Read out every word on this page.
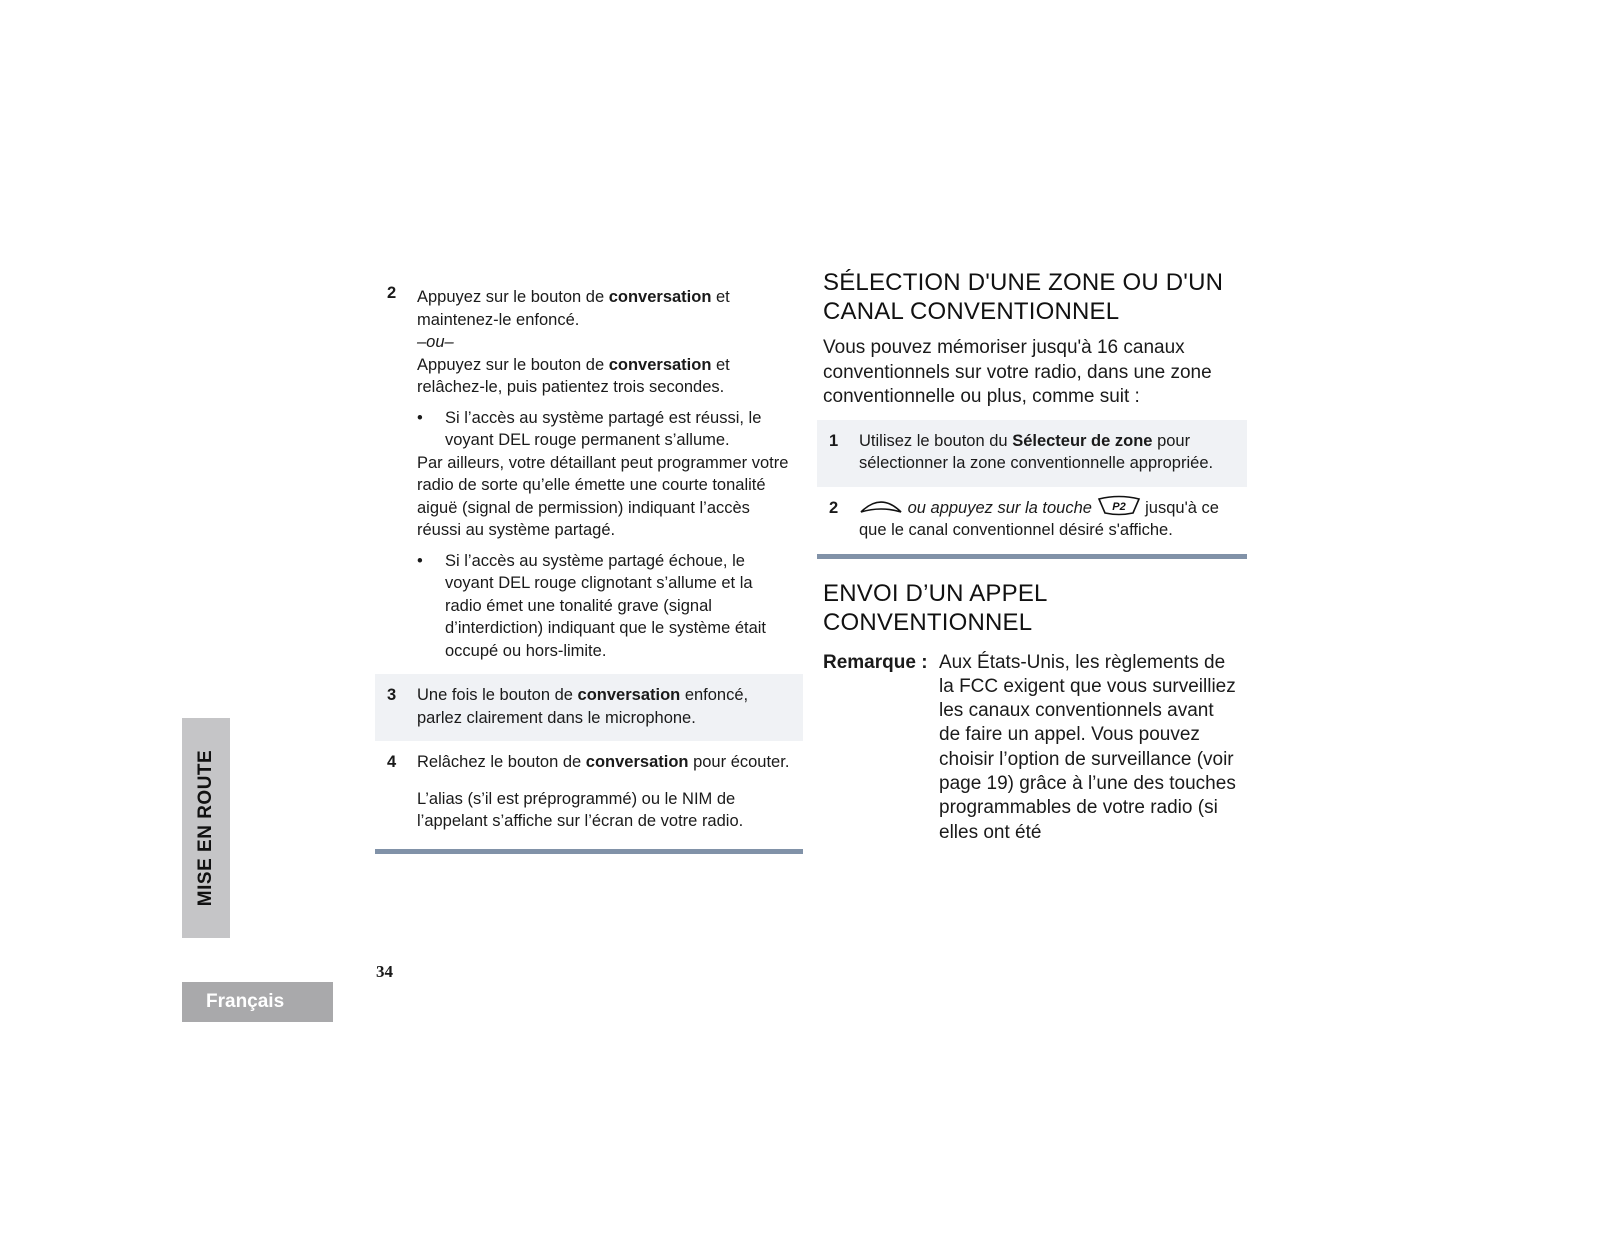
MISE EN ROUTE
Français
34
2 Appuyez sur le bouton de conversation et maintenez-le enfoncé.

–ou–

Appuyez sur le bouton de conversation et relâchez-le, puis patientez trois secondes.

• Si l’accès au système partagé est réussi, le voyant DEL rouge permanent s’allume.

Par ailleurs, votre détaillant peut programmer votre radio de sorte qu’elle émette une courte tonalité aiguë (signal de permission) indiquant l’accès réussi au système partagé.

• Si l’accès au système partagé échoue, le voyant DEL rouge clignotant s’allume et la radio émet une tonalité grave (signal d’interdiction) indiquant que le système était occupé ou hors-limite.

3 Une fois le bouton de conversation enfoncé, parlez clairement dans le microphone.

4 Relâchez le bouton de conversation pour écouter.

L’alias (s’il est préprogrammé) ou le NIM de l’appelant s’affiche sur l’écran de votre radio.

SÉLECTION D'UNE ZONE OU D'UN CANAL CONVENTIONNEL

Vous pouvez mémoriser jusqu'à 16 canaux conventionnels sur votre radio, dans une zone conventionnelle ou plus, comme suit :

1 Utilisez le bouton du Sélecteur de zone pour sélectionner la zone conventionnelle appropriée.

2	ou appuyez sur la touche P2 jusqu'à ce que le canal conventionnel désiré s'affiche.

ENVOI D’UN APPEL CONVENTIONNEL
Remarque : Aux États-Unis, les règlements de la FCC exigent que vous surveilliez les canaux conventionnels avant de faire un appel. Vous pouvez choisir l’option de surveillance (voir page 19) grâce à l’une des touches programmables de votre radio (si elles ont été
